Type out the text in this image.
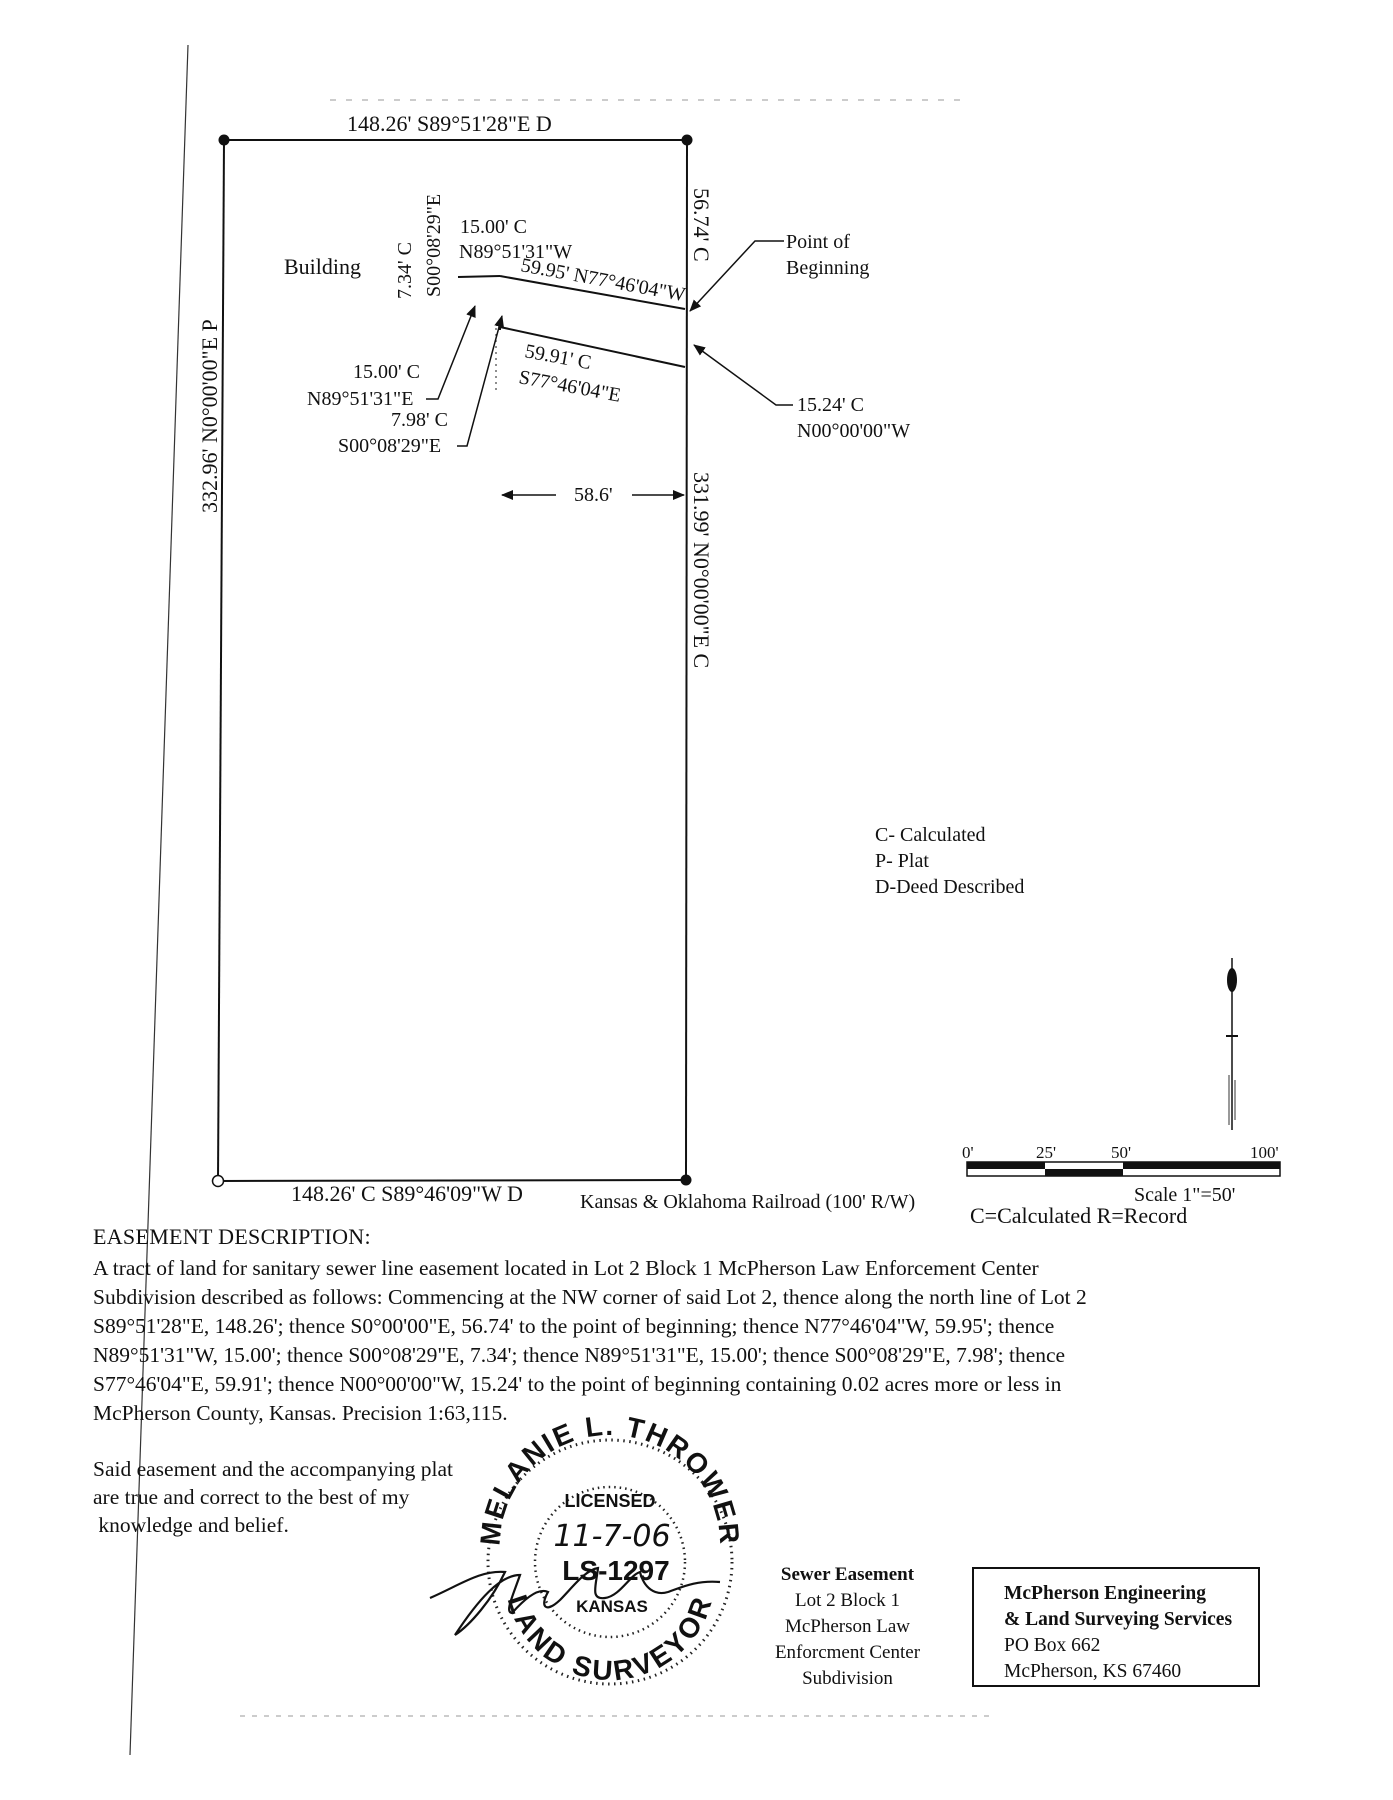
148.26' S89°51'28"E D
332.96' N0°00'00"E P
56.74' C
331.99' N0°00'00"E C
Building 7.34' C S00°08'29"E 15.00' C
N89°51'31"W
59.95' N77°46'04"W
Point of
Beginning
59.91' C
S77°46'04"E	15.24' C
N00°00'00"W
15.00' C
N89°51'31"E
7.98' C
S00°08'29"E
58.6'
C- Calculated
P- Plat
D-Deed Described
0'	25'	50'	100'
Scale 1"=50'
C=Calculated R=Record
148.26' C S89°46'09"W D	Kansas & Oklahoma Railroad (100' R/W)
MELANIE L. THROWER
LICENSED
11-7-06
LS-1297
KANSAS
LAND SURVEYOR
EASEMENT DESCRIPTION:
A tract of land for sanitary sewer line easement located in Lot 2 Block 1 McPherson Law Enforcement Center
Subdivision described as follows: Commencing at the NW corner of said Lot 2, thence along the north line of Lot 2
S89°51'28"E, 148.26'; thence S0°00'00"E, 56.74' to the point of beginning; thence N77°46'04"W, 59.95'; thence
N89°51'31"W, 15.00'; thence S00°08'29"E, 7.34'; thence N89°51'31"E, 15.00'; thence S00°08'29"E, 7.98'; thence
S77°46'04"E, 59.91'; thence N00°00'00"W, 15.24' to the point of beginning containing 0.02 acres more or less in
McPherson County, Kansas. Precision 1:63,115.
Said easement and the accompanying plat
are true and correct to the best of my
knowledge and belief.
Sewer Easement
Lot 2 Block 1
McPherson Law
Enforcment Center
Subdivision
McPherson Engineering
& Land Surveying Services
PO Box 662
McPherson, KS 67460
